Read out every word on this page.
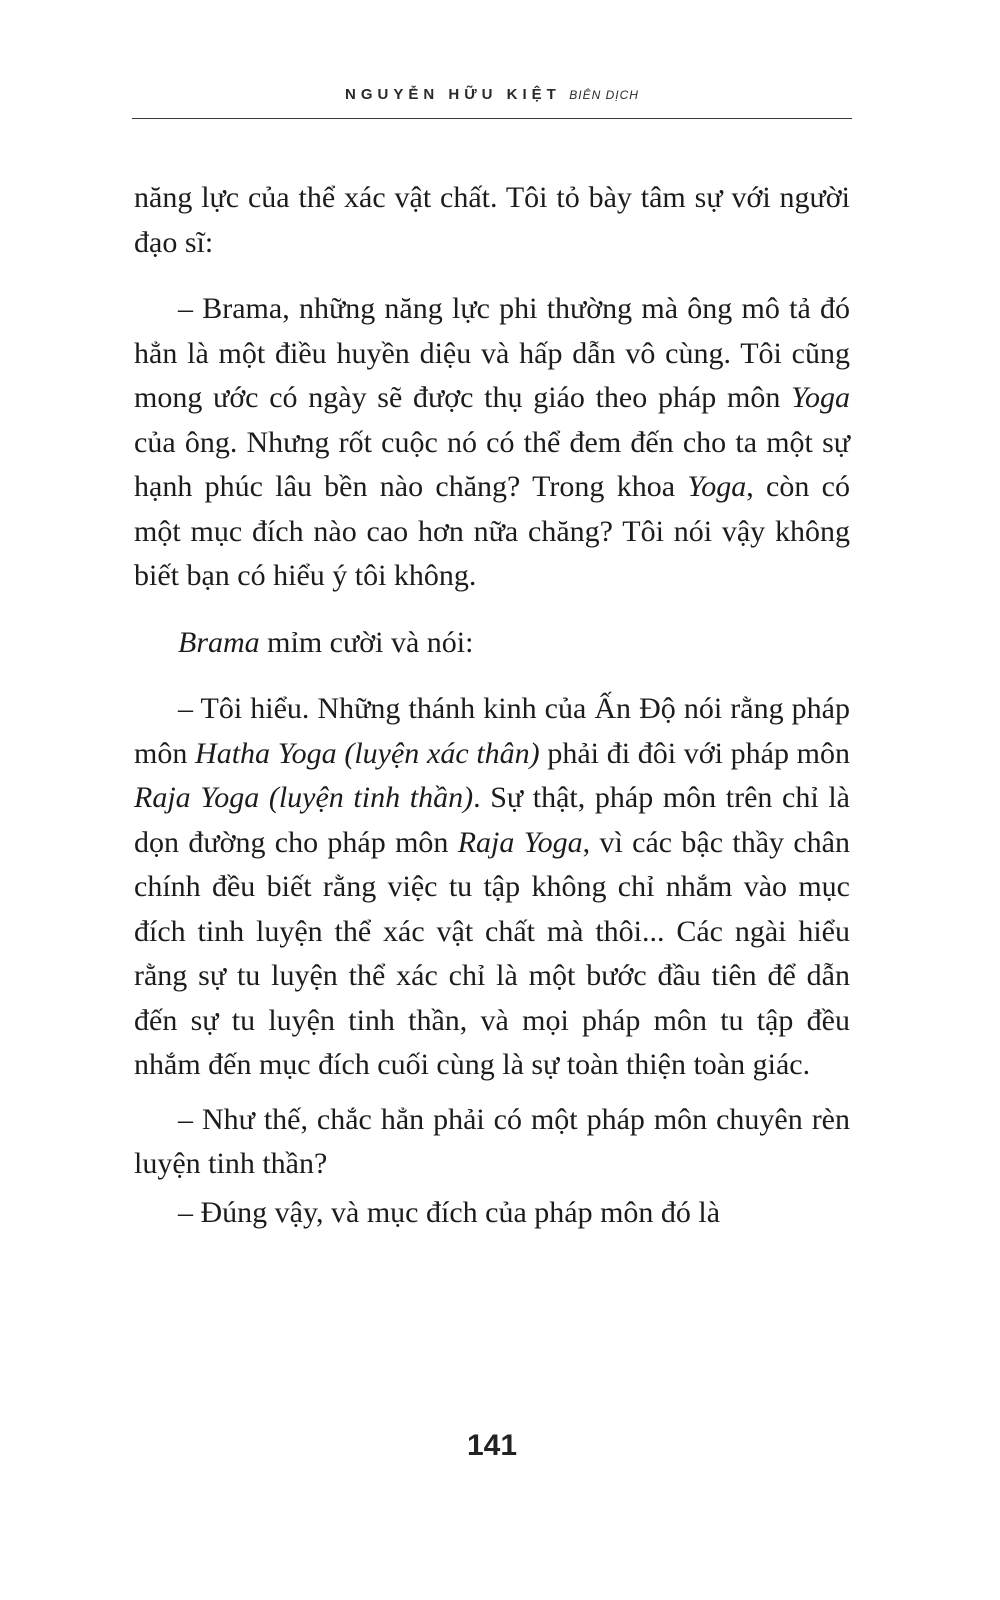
NGUYỄN HỮU KIỆT BIÊN DỊCH

năng lực của thể xác vật chất. Tôi tỏ bày tâm sự với người đạo sĩ:

– Brama, những năng lực phi thường mà ông mô tả đó hẳn là một điều huyền diệu và hấp dẫn vô cùng. Tôi cũng mong ước có ngày sẽ được thụ giáo theo pháp môn Yoga của ông. Nhưng rốt cuộc nó có thể đem đến cho ta một sự hạnh phúc lâu bền nào chăng? Trong khoa Yoga, còn có một mục đích nào cao hơn nữa chăng? Tôi nói vậy không biết bạn có hiểu ý tôi không.

Brama mỉm cười và nói:

– Tôi hiểu. Những thánh kinh của Ấn Độ nói rằng pháp môn Hatha Yoga (luyện xác thân) phải đi đôi với pháp môn Raja Yoga (luyện tinh thần). Sự thật, pháp môn trên chỉ là dọn đường cho pháp môn Raja Yoga, vì các bậc thầy chân chính đều biết rằng việc tu tập không chỉ nhắm vào mục đích tinh luyện thể xác vật chất mà thôi... Các ngài hiểu rằng sự tu luyện thể xác chỉ là một bước đầu tiên để dẫn đến sự tu luyện tinh thần, và mọi pháp môn tu tập đều nhắm đến mục đích cuối cùng là sự toàn thiện toàn giác.

– Như thế, chắc hẳn phải có một pháp môn chuyên rèn luyện tinh thần?

– Đúng vậy, và mục đích của pháp môn đó là

141
